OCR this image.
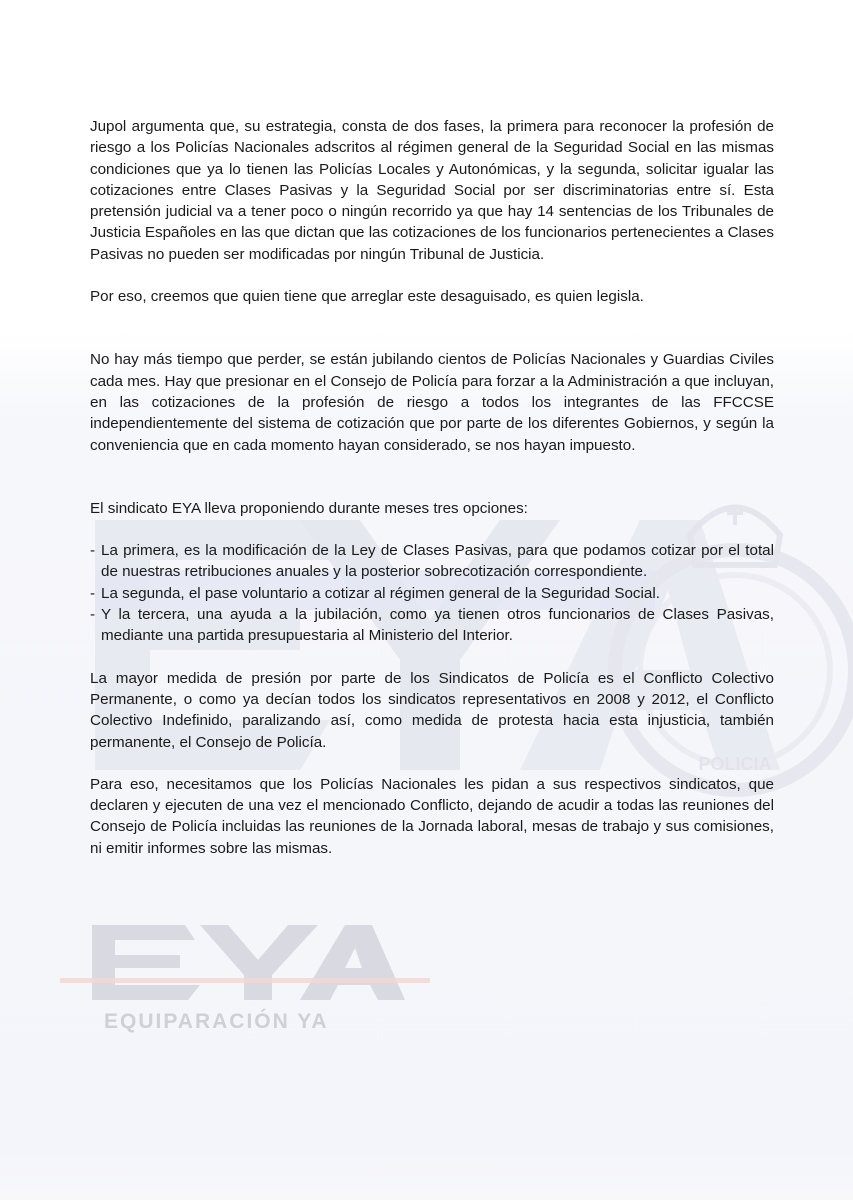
POLICIA
EQUIPARACIÓN YA

Jupol argumenta que, su estrategia, consta de dos fases, la primera para reconocer la profesión de riesgo a los Policías Nacionales adscritos al régimen general de la Seguridad Social en las mismas condiciones que ya lo tienen las Policías Locales y Autonómicas, y la segunda, solicitar igualar las cotizaciones entre Clases Pasivas y la Seguridad Social por ser discriminatorias entre sí. Esta pretensión judicial va a tener poco o ningún recorrido ya que hay 14 sentencias de los Tribunales de Justicia Españoles en las que dictan que las cotizaciones de los funcionarios pertenecientes a Clases Pasivas no pueden ser modificadas por ningún Tribunal de Justicia.

Por eso, creemos que quien tiene que arreglar este desaguisado, es quien legisla.

No hay más tiempo que perder, se están jubilando cientos de Policías Nacionales y Guardias Civiles cada mes. Hay que presionar en el Consejo de Policía para forzar a la Administración a que incluyan, en las cotizaciones de la profesión de riesgo a todos los integrantes de las FFCCSE independientemente del sistema de cotización que por parte de los diferentes Gobiernos, y según la conveniencia que en cada momento hayan considerado, se nos hayan impuesto.

El sindicato EYA lleva proponiendo durante meses tres opciones:

- La primera, es la modificación de la Ley de Clases Pasivas, para que podamos cotizar por el total de nuestras retribuciones anuales y la posterior sobrecotización correspondiente.
- La segunda, el pase voluntario a cotizar al régimen general de la Seguridad Social.
- Y la tercera, una ayuda a la jubilación, como ya tienen otros funcionarios de Clases Pasivas, mediante una partida presupuestaria al Ministerio del Interior.

La mayor medida de presión por parte de los Sindicatos de Policía es el Conflicto Colectivo Permanente, o como ya decían todos los sindicatos representativos en 2008 y 2012, el Conflicto Colectivo Indefinido, paralizando así, como medida de protesta hacia esta injusticia, también permanente, el Consejo de Policía.

Para eso, necesitamos que los Policías Nacionales les pidan a sus respectivos sindicatos, que declaren y ejecuten de una vez el mencionado Conflicto, dejando de acudir a todas las reuniones del Consejo de Policía incluidas las reuniones de la Jornada laboral, mesas de trabajo y sus comisiones, ni emitir informes sobre las mismas.
